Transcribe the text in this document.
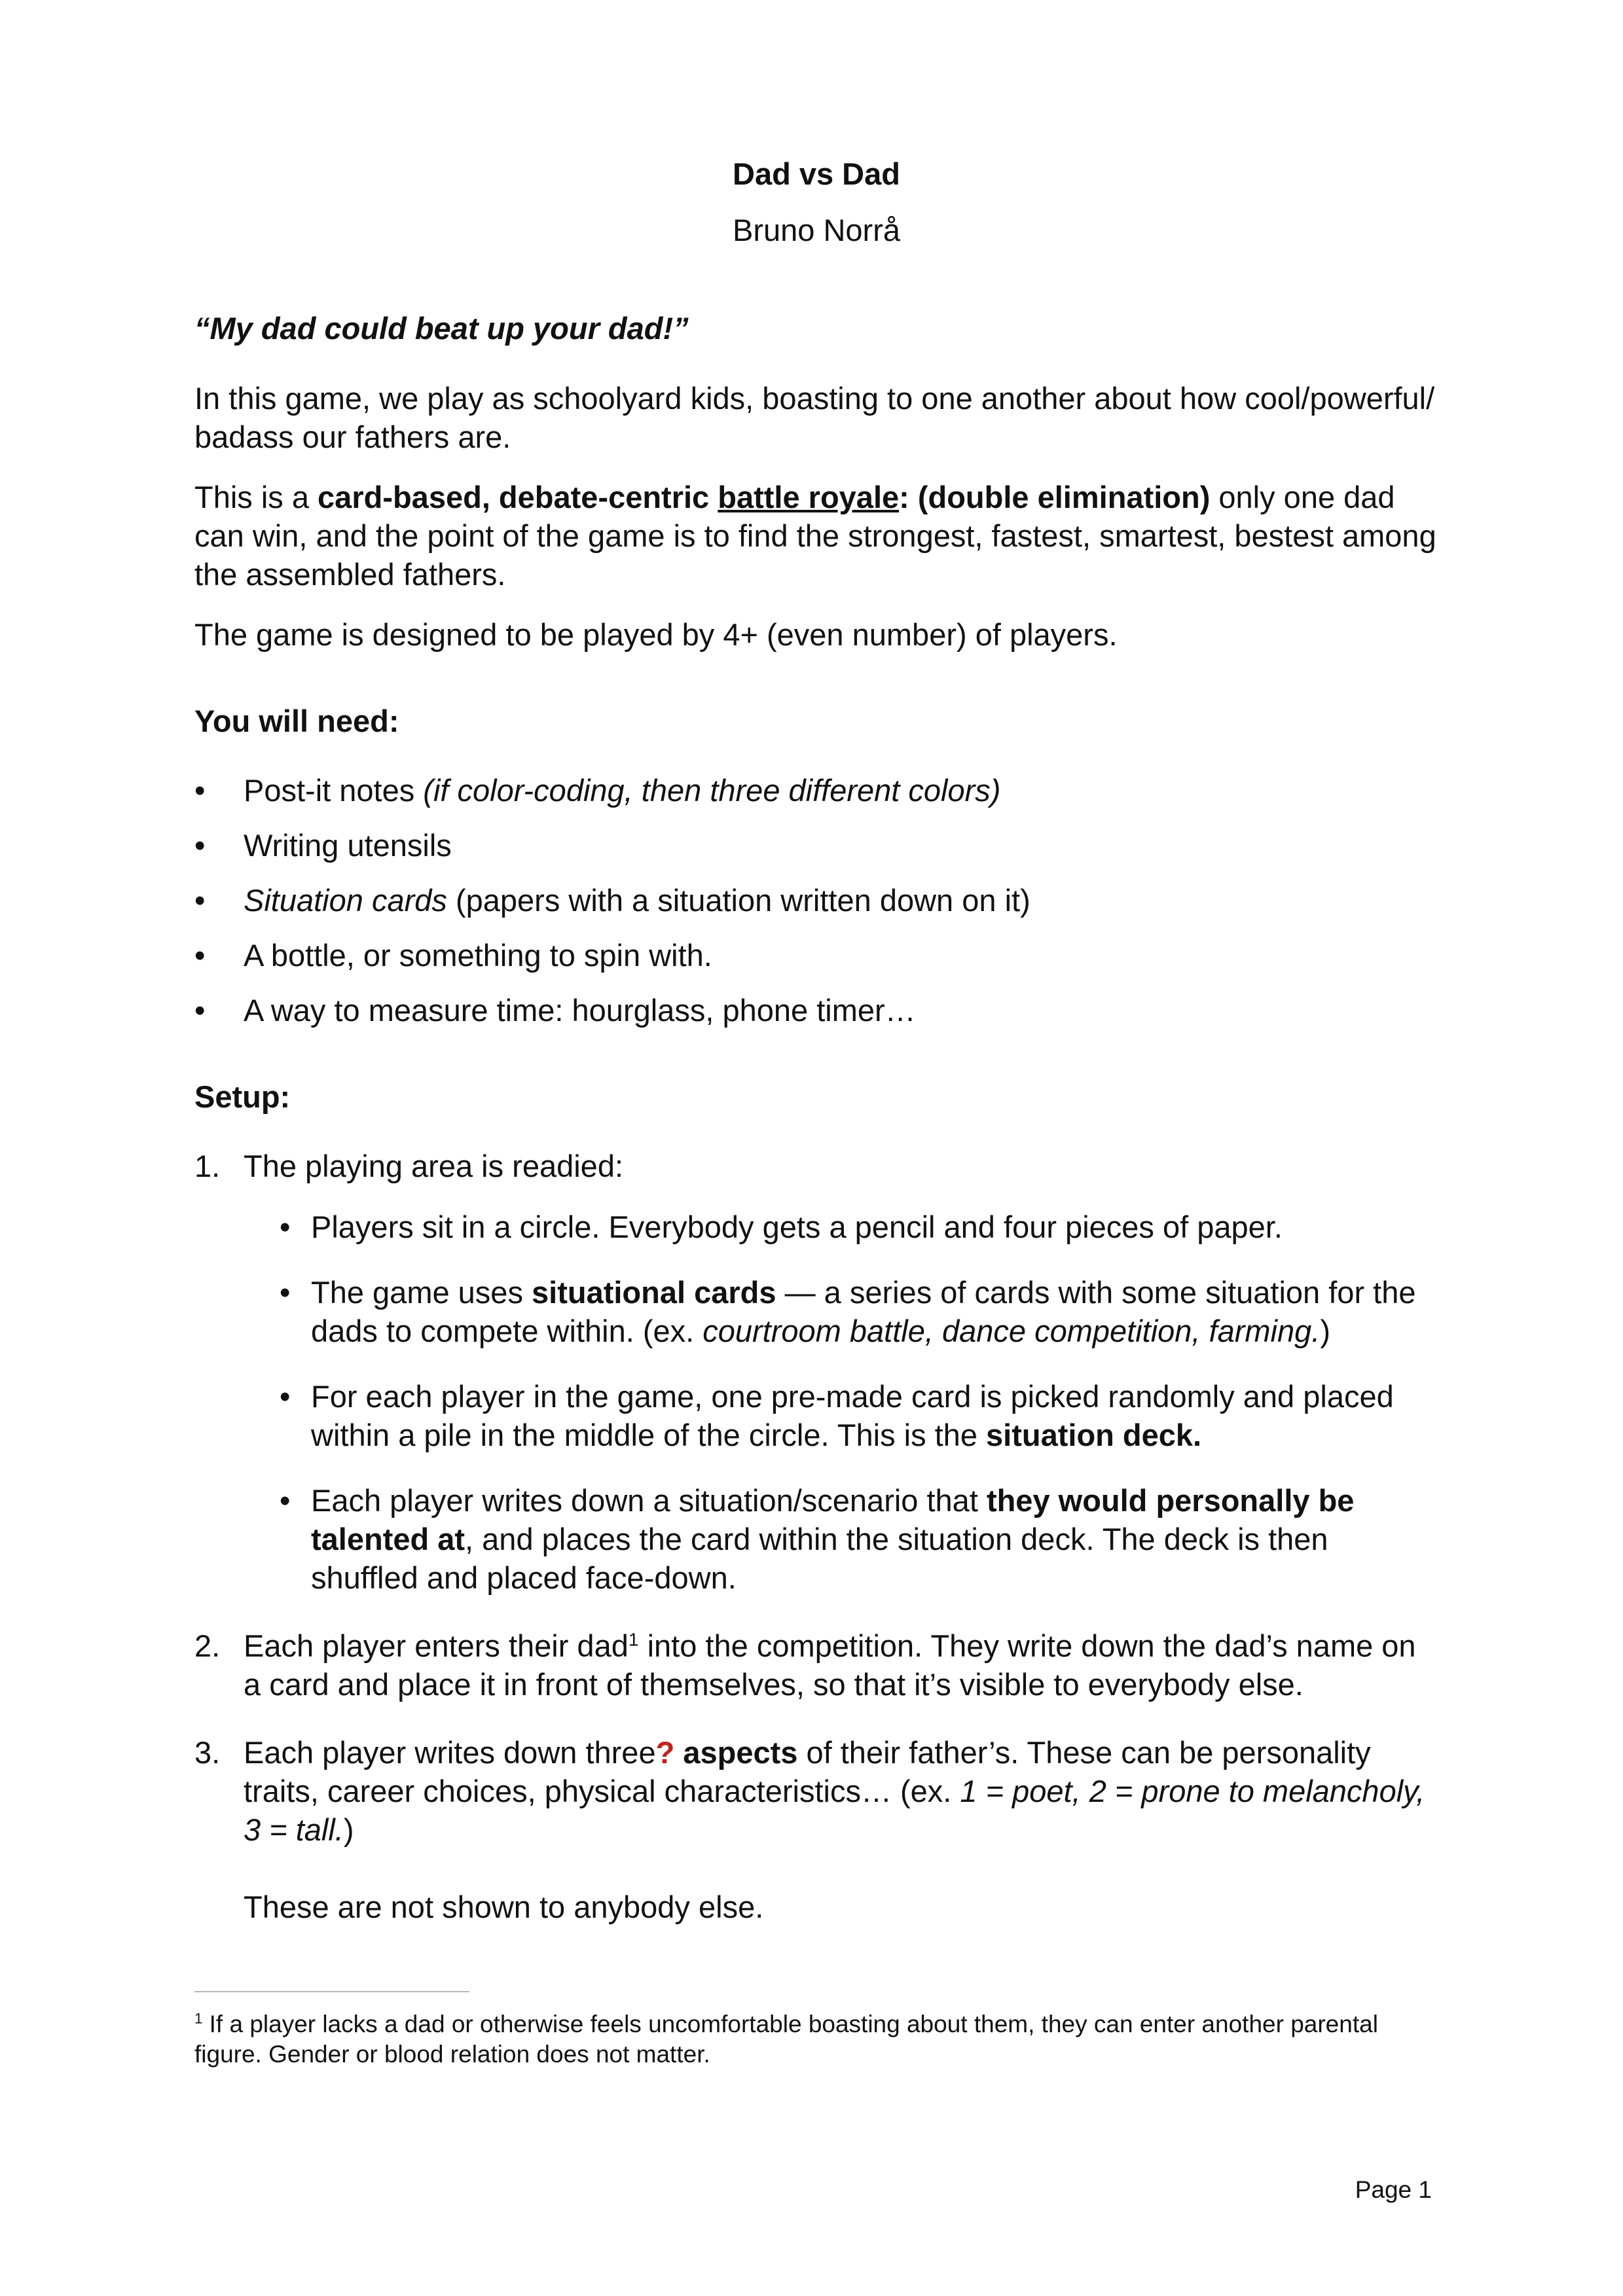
Dad vs Dad
Bruno Norrå
“My dad could beat up your dad!”

In this game, we play as schoolyard kids, boasting to one another about how cool/powerful/ badass our fathers are.

This is a card-based, debate-centric battle royale: (double elimination) only one dad can win, and the point of the game is to find the strongest, fastest, smartest, bestest among the assembled fathers.

The game is designed to be played by 4+ (even number) of players.

You will need:
• Post-it notes (if color-coding, then three different colors)
• Writing utensils
• Situation cards (papers with a situation written down on it)
• A bottle, or something to spin with.
• A way to measure time: hourglass, phone timer…
Setup:
1. The playing area is readied:
• Players sit in a circle. Everybody gets a pencil and four pieces of paper.
• The game uses situational cards — a series of cards with some situation for the dads to compete within. (ex. courtroom battle, dance competition, farming.)
• For each player in the game, one pre-made card is picked randomly and placed within a pile in the middle of the circle. This is the situation deck.
• Each player writes down a situation/scenario that they would personally be talented at, and places the card within the situation deck. The deck is then shuffled and placed face-down.
2. Each player enters their dad$^1$ into the competition. They write down the dad’s name on a card and place it in front of themselves, so that it’s visible to everybody else.
3. Each player writes down three? aspects of their father’s. These can be personality traits, career choices, physical characteristics… (ex. 1 = poet, 2 = prone to melancholy, 3 = tall.)
These are not shown to anybody else.
$^1$ If a player lacks a dad or otherwise feels uncomfortable boasting about them, they can enter another parental figure. Gender or blood relation does not matter.
Page 1
